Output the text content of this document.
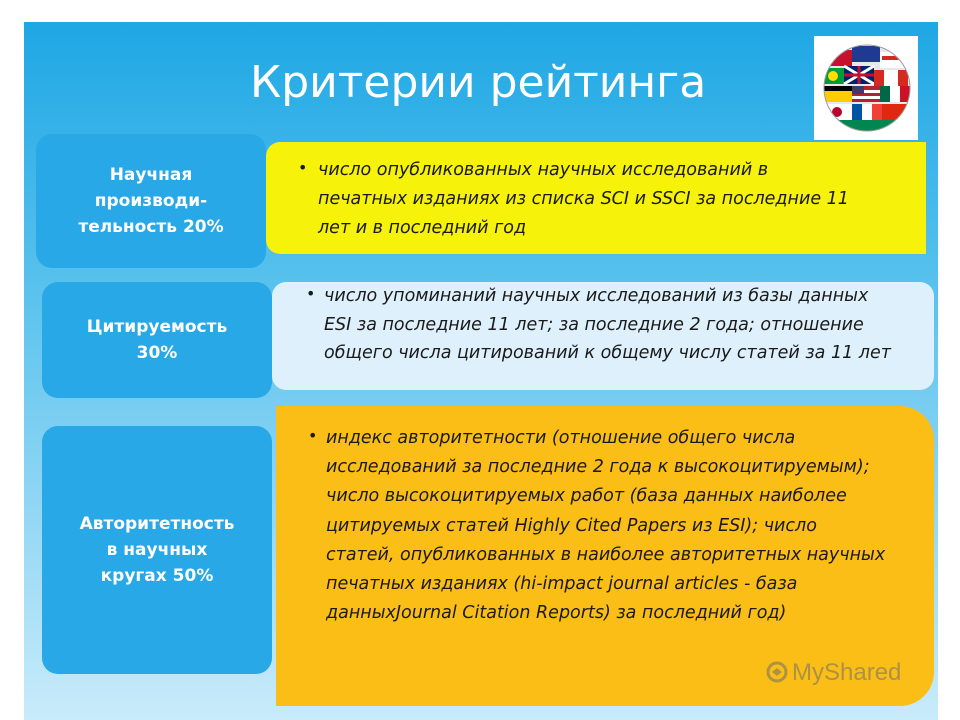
Критерии рейтинга
• число опубликованных научных исследований в печатных изданиях из списка SCI и SSCI за последние 11 лет и в последний год
Научная
производи-
тельность 20%
• число упоминаний научных исследований из базы данных ESI за последние 11 лет; за последние 2 года; отношение общего числа цитирований к общему числу статей за 11 лет
Цитируемость
30%
• индекс авторитетности (отношение общего числа исследований за последние 2 года к высокоцитируемым); число высокоцитируемых работ (база данных наиболее цитируемых статей Highly Cited Papers из ESI); число статей, опубликованных в наиболее авторитетных научных печатных изданиях (hi-impact journal articles - база данныхJournal Citation Reports) за последний год)
Авторитетность
в научных
кругах 50%
MyShared
